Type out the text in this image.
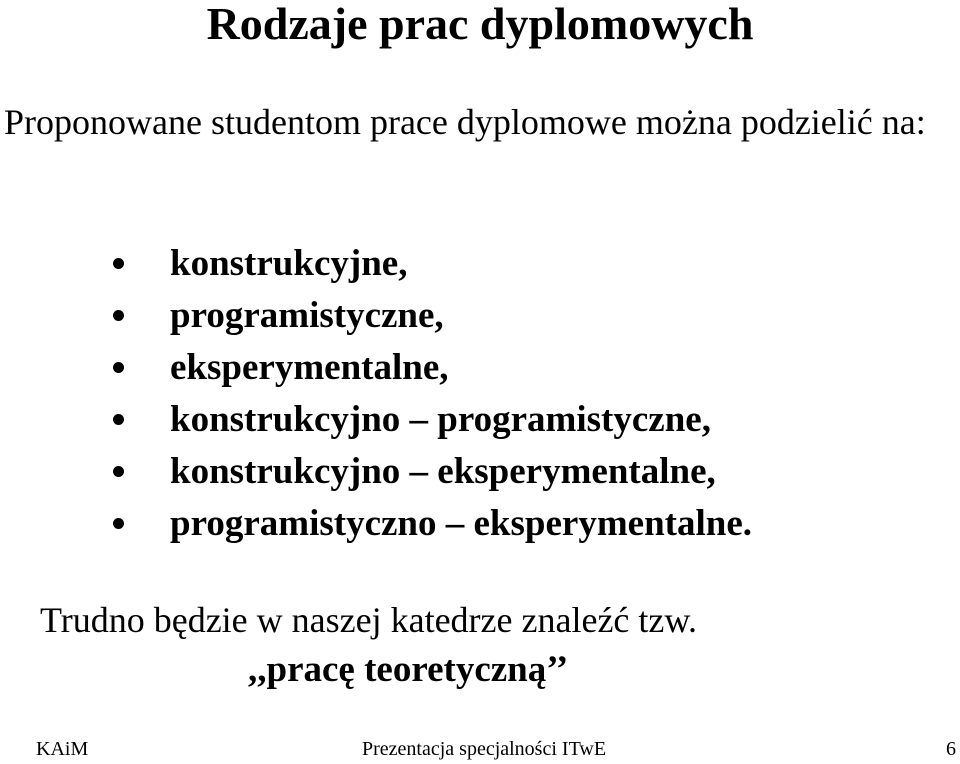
Rodzaje prac dyplomowych
Proponowane studentom prace dyplomowe można podzielić na:
konstrukcyjne,
programistyczne,
eksperymentalne,
konstrukcyjno – programistyczne,
konstrukcyjno – eksperymentalne,
programistyczno – eksperymentalne.
Trudno będzie w naszej katedrze znaleźć tzw.
,,pracę teoretyczną’’
KAiM	Prezentacja specjalności ITwE	6
